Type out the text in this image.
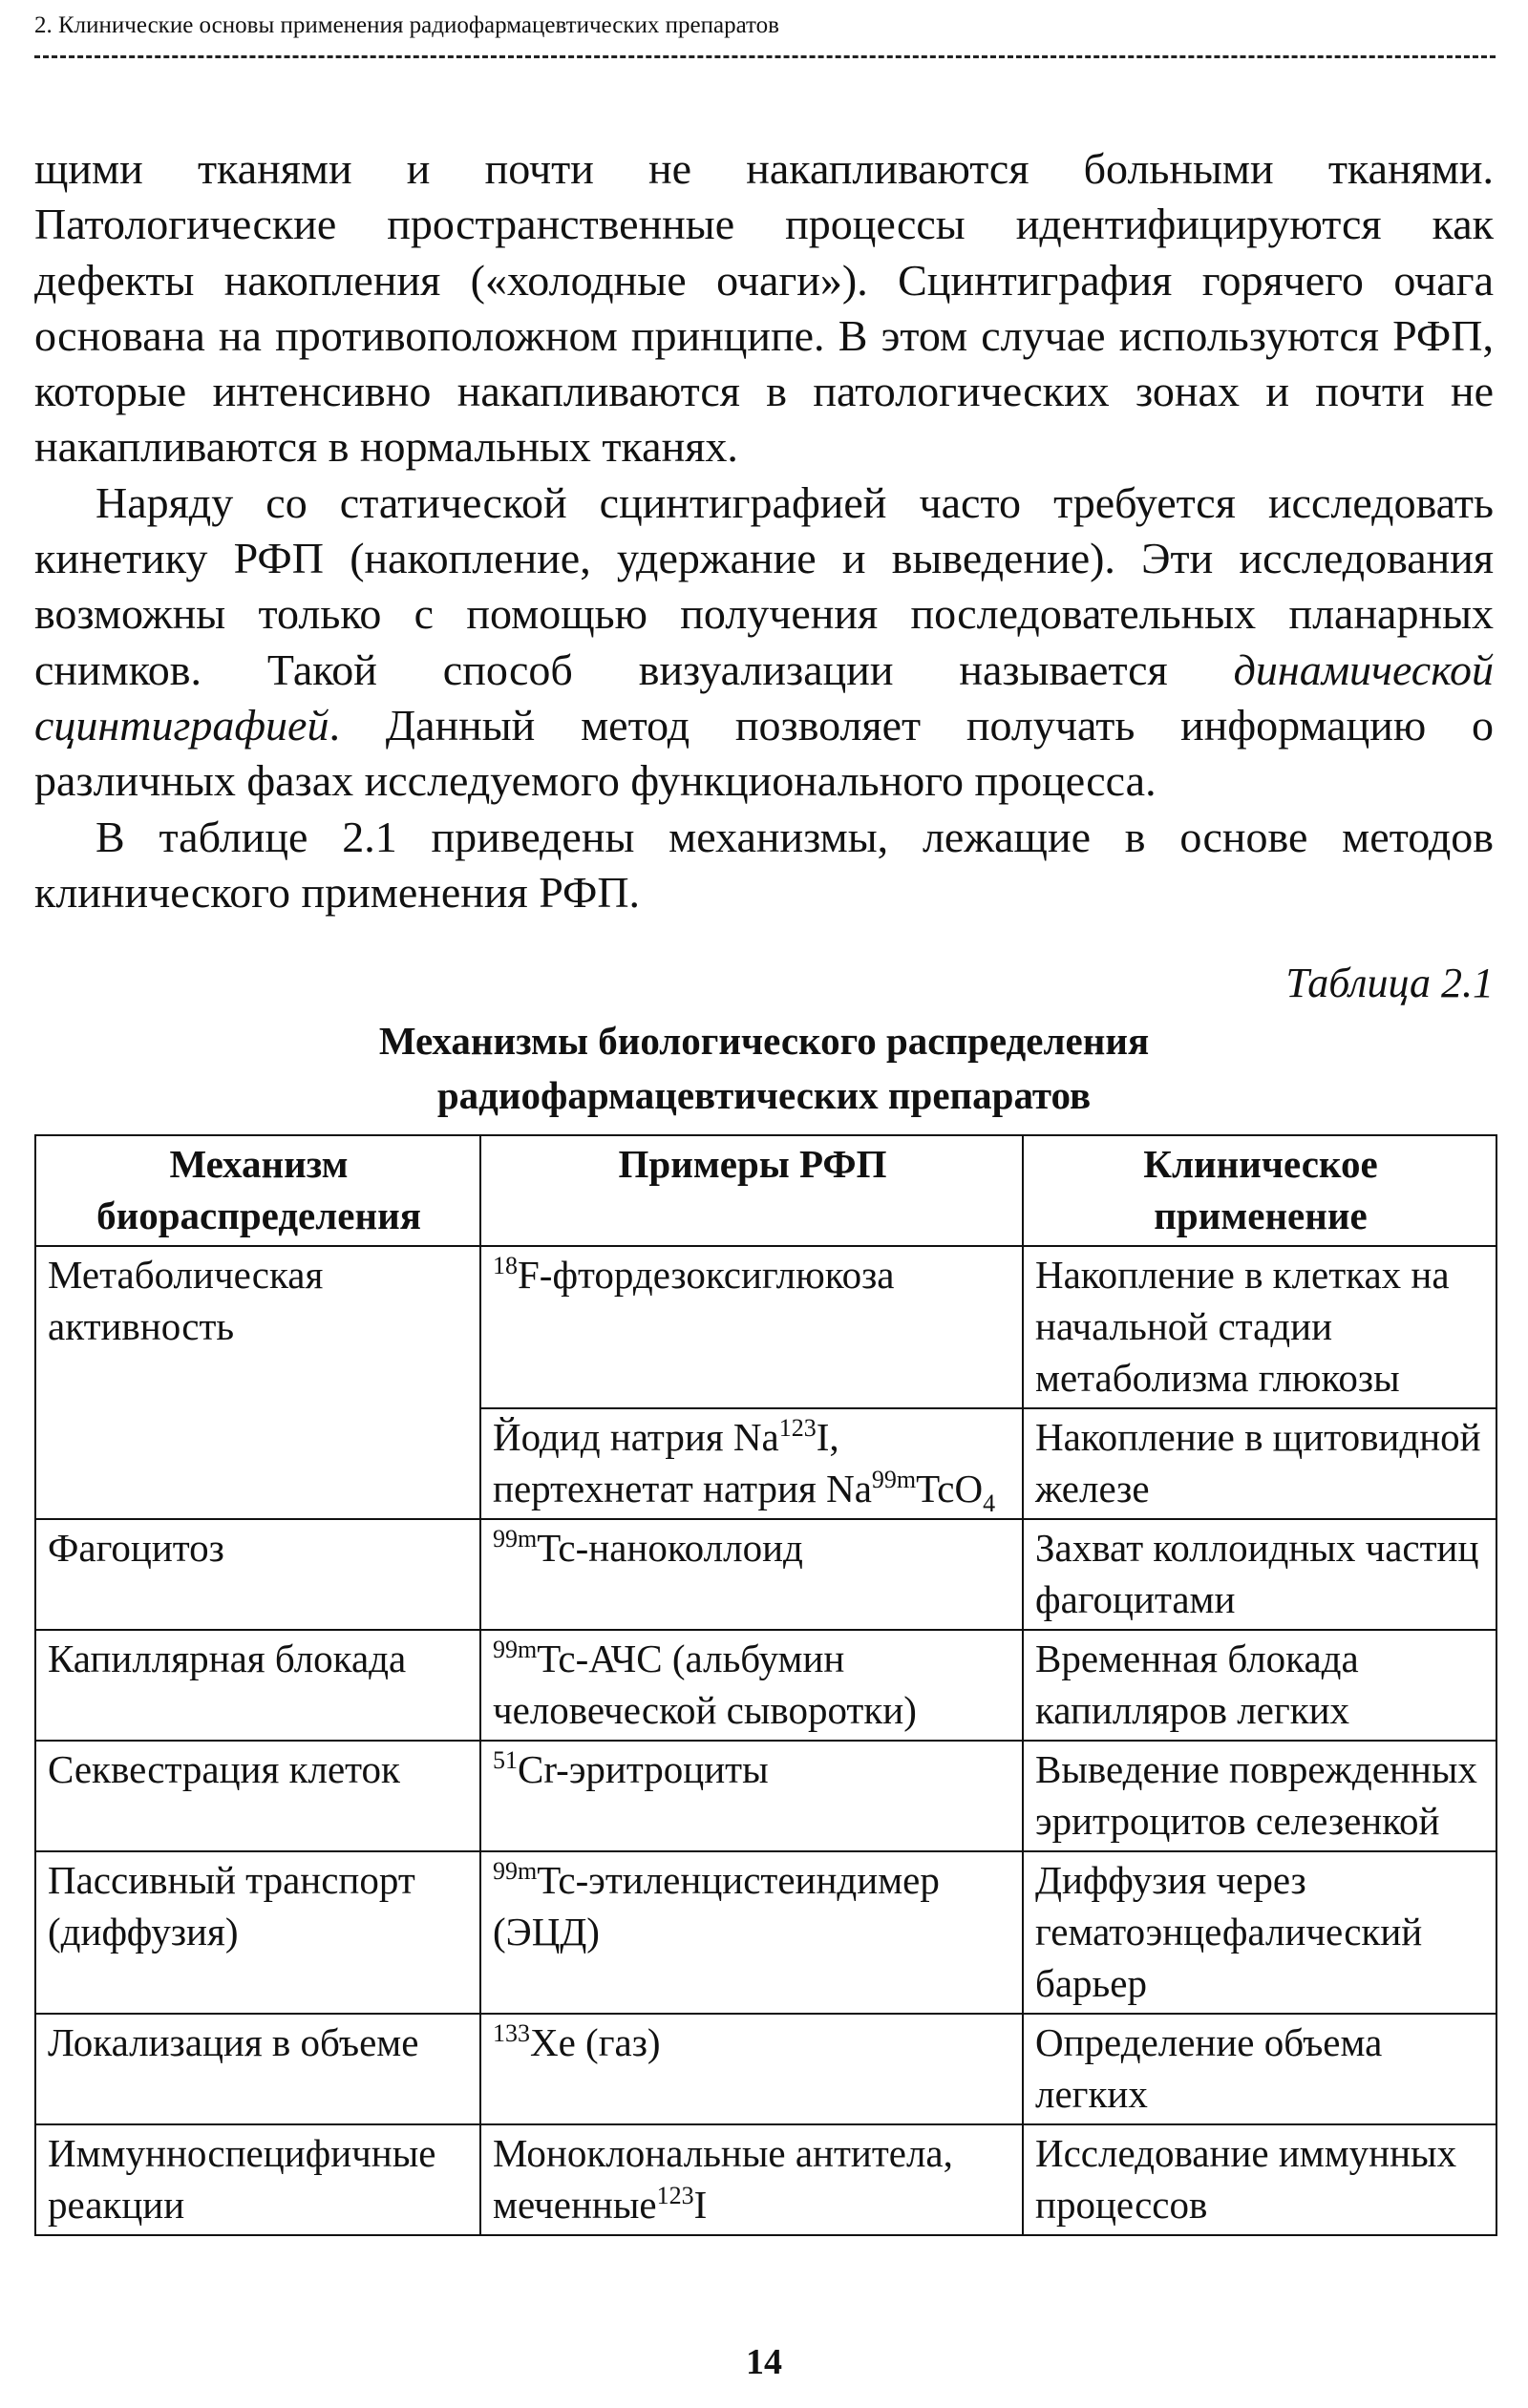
2. Клинические основы применения радиофармацевтических препаратов

щими тканями и почти не накапливаются больными тканями. Патологические пространственные процессы идентифицируются как дефекты накопления («холодные очаги»). Сцинтиграфия горячего очага основана на противоположном принципе. В этом случае используются РФП, которые интенсивно накапливаются в патологических зонах и почти не накапливаются в нормальных тканях.

Наряду со статической сцинтиграфией часто требуется исследовать кинетику РФП (накопление, удержание и выведение). Эти исследования возможны только с помощью получения последовательных планарных снимков. Такой способ визуализации называется динамической сцинтиграфией. Данный метод позволяет получать информацию о различных фазах исследуемого функционального процесса.

В таблице 2.1 приведены механизмы, лежащие в основе методов клинического применения РФП.

Таблица 2.1
Механизмы биологического распределения
радиофармацевтических препаратов
Механизм
биораспределения	Примеры РФП	Клиническое
применение
Метаболическая
активность	$^{18}$F-фтордезоксиглюкоза	Накопление в клетках на начальной стадии метаболизма глюкозы
	Йодид натрия Na$^{123}$I, пертехнетат натрия $Na^{99m}TcO_4$	Накопление в щитовидной железе
Фагоцитоз	$^{99m}$Tc-наноколлоид	Захват коллоидных частиц фагоцитами
Капиллярная блокада	$^{99m}$Tc-АЧС (альбумин человеческой сыворотки)	Временная блокада капилляров легких
Секвестрация клеток	$^{51}$Cr-эритроциты	Выведение поврежденных эритроцитов селезенкой
Пассивный транспорт (диффузия)	$^{99m}$Tc-этиленцистеиндимер (ЭЦД)	Диффузия через гематоэнцефалический барьер
Локализация в объеме	$^{133}$Xe (газ)	Определение объема легких
Иммунноспецифичные реакции	Моноклональные антитела, меченные$^{123}$I	Исследование иммунных процессов
14
